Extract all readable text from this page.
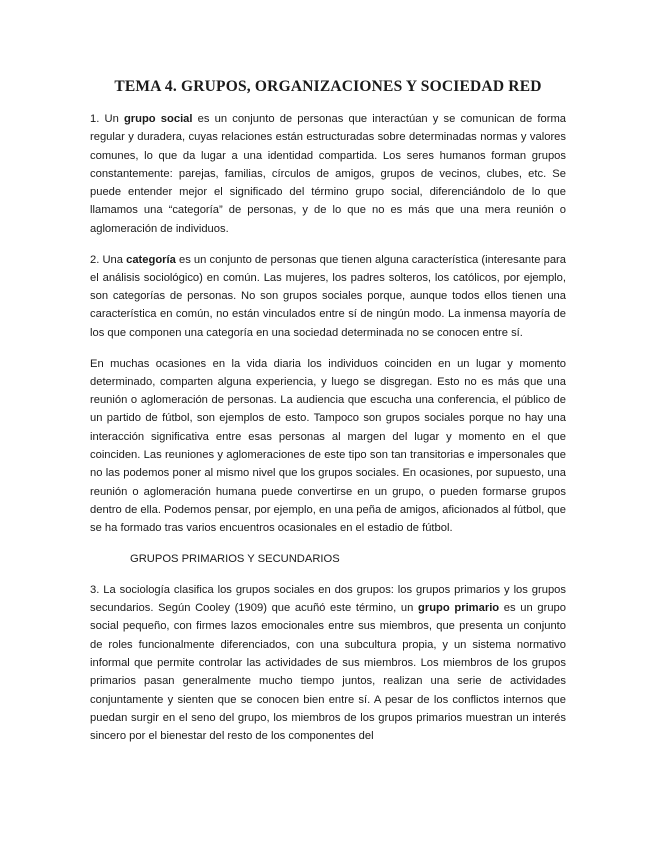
TEMA 4. GRUPOS, ORGANIZACIONES Y SOCIEDAD RED

1. Un grupo social es un conjunto de personas que interactúan y se comunican de forma regular y duradera, cuyas relaciones están estructuradas sobre determinadas normas y valores comunes, lo que da lugar a una identidad compartida. Los seres humanos forman grupos constantemente: parejas, familias, círculos de amigos, grupos de vecinos, clubes, etc. Se puede entender mejor el significado del término grupo social, diferenciándolo de lo que llamamos una “categoría” de personas, y de lo que no es más que una mera reunión o aglomeración de individuos.

2. Una categoría es un conjunto de personas que tienen alguna característica (interesante para el análisis sociológico) en común. Las mujeres, los padres solteros, los católicos, por ejemplo, son categorías de personas. No son grupos sociales porque, aunque todos ellos tienen una característica en común, no están vinculados entre sí de ningún modo. La inmensa mayoría de los que componen una categoría en una sociedad determinada no se conocen entre sí.

En muchas ocasiones en la vida diaria los individuos coinciden en un lugar y momento determinado, comparten alguna experiencia, y luego se disgregan. Esto no es más que una reunión o aglomeración de personas. La audiencia que escucha una conferencia, el público de un partido de fútbol, son ejemplos de esto. Tampoco son grupos sociales porque no hay una interacción significativa entre esas personas al margen del lugar y momento en el que coinciden. Las reuniones y aglomeraciones de este tipo son tan transitorias e impersonales que no las podemos poner al mismo nivel que los grupos sociales. En ocasiones, por supuesto, una reunión o aglomeración humana puede convertirse en un grupo, o pueden formarse grupos dentro de ella. Podemos pensar, por ejemplo, en una peña de amigos, aficionados al fútbol, que se ha formado tras varios encuentros ocasionales en el estadio de fútbol.

GRUPOS PRIMARIOS Y SECUNDARIOS

3. La sociología clasifica los grupos sociales en dos grupos: los grupos primarios y los grupos secundarios. Según Cooley (1909) que acuñó este término, un grupo primario es un grupo social pequeño, con firmes lazos emocionales entre sus miembros, que presenta un conjunto de roles funcionalmente diferenciados, con una subcultura propia, y un sistema normativo informal que permite controlar las actividades de sus miembros. Los miembros de los grupos primarios pasan generalmente mucho tiempo juntos, realizan una serie de actividades conjuntamente y sienten que se conocen bien entre sí. A pesar de los conflictos internos que puedan surgir en el seno del grupo, los miembros de los grupos primarios muestran un interés sincero por el bienestar del resto de los componentes del
